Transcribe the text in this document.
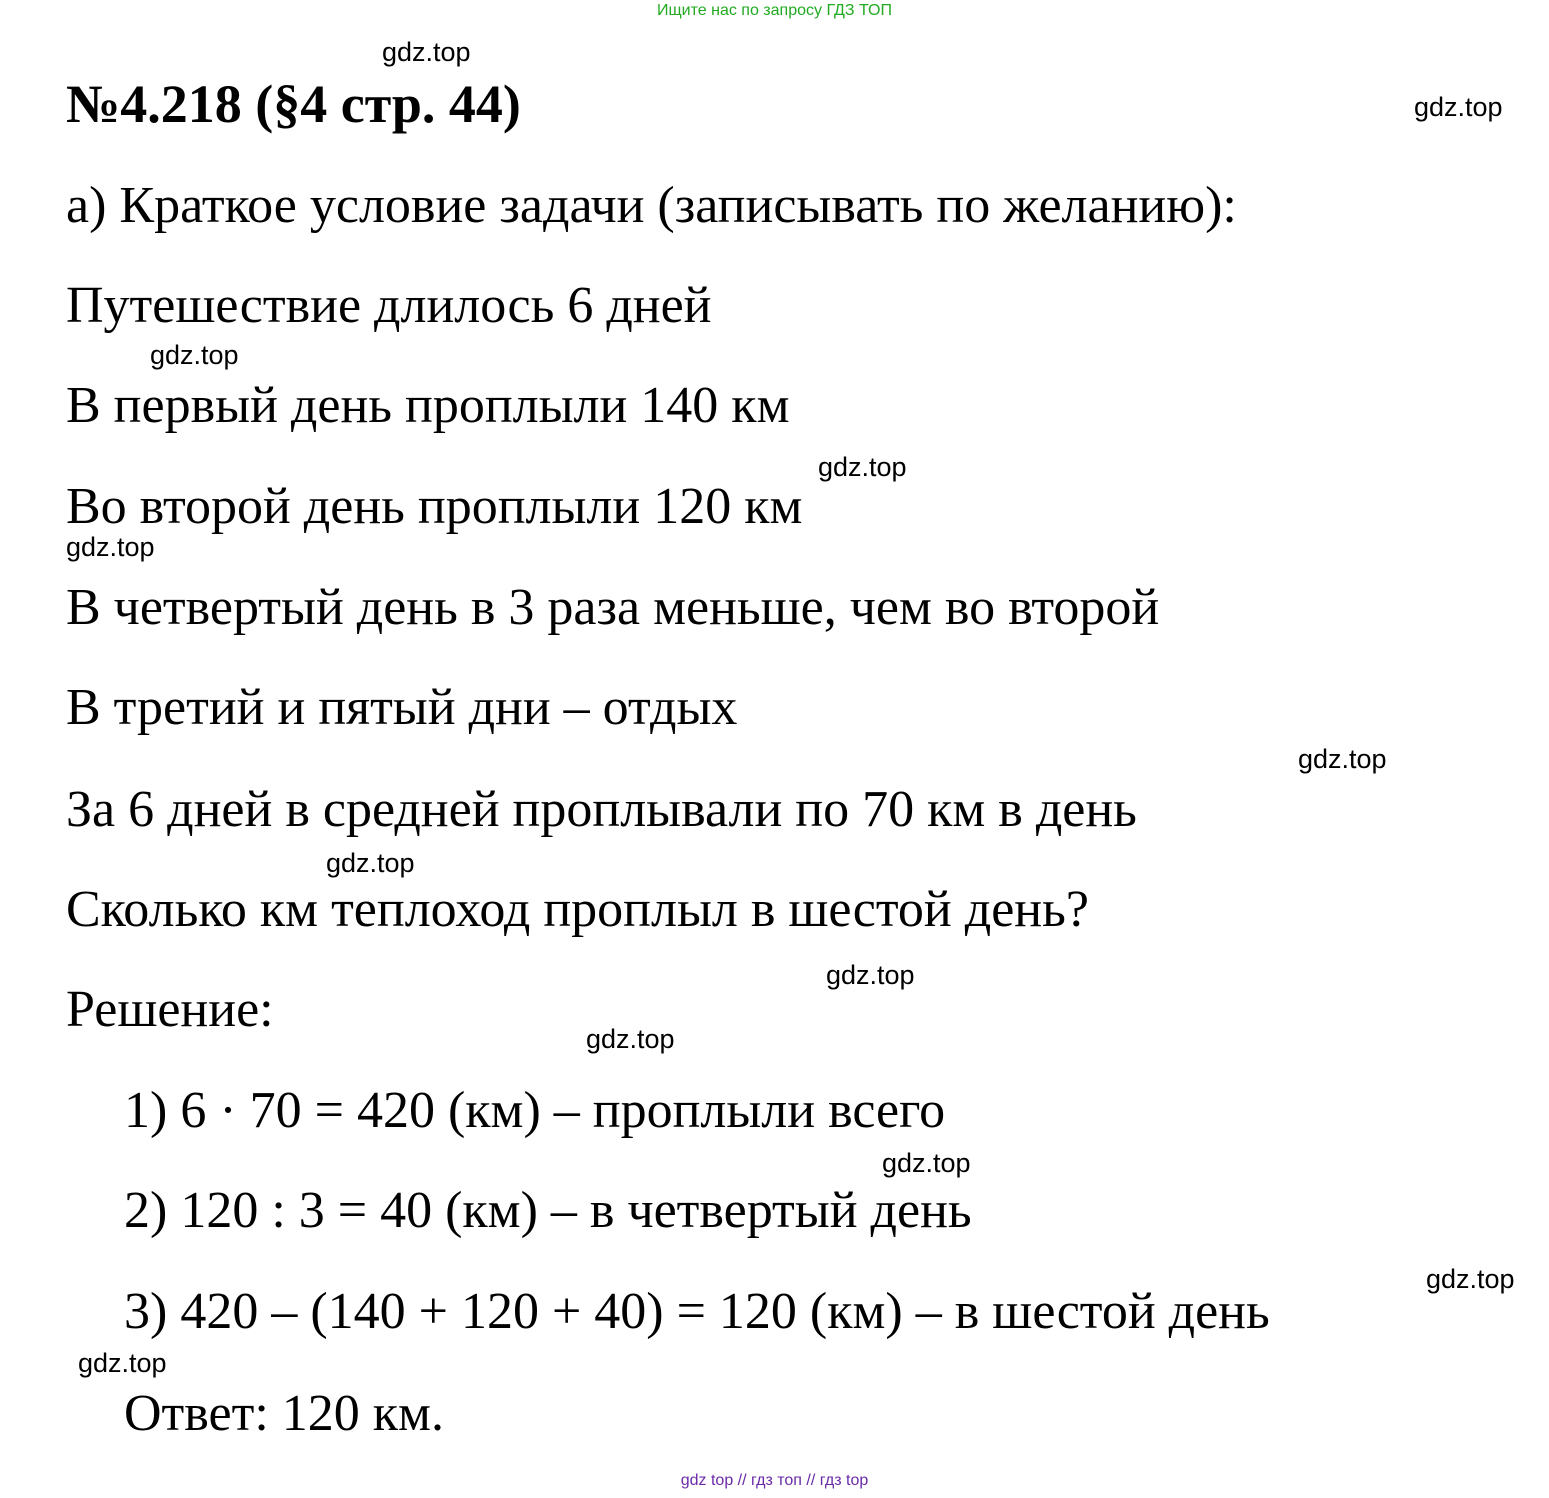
Ищите нас по запросу ГДЗ ТОП
№4.218 (§4 стр. 44)
а) Краткое условие задачи (записывать по желанию):
Путешествие длилось 6 дней
В первый день проплыли 140 км
Во второй день проплыли 120 км
В четвертый день в 3 раза меньше, чем во второй
В третий и пятый дни – отдых
За 6 дней в средней проплывали по 70 км в день
Сколько км теплоход проплыл в шестой день?
Решение:
1) 6 · 70 = 420 (км) – проплыли всего
2) 120 : 3 = 40 (км) – в четвертый день
3) 420 – (140 + 120 + 40) = 120 (км) – в шестой день
Ответ: 120 км.
gdz.top
gdz.top
gdz.top
gdz.top
gdz.top
gdz.top
gdz.top
gdz.top
gdz.top
gdz.top
gdz.top
gdz.top
gdz top // гдз топ // гдз top
